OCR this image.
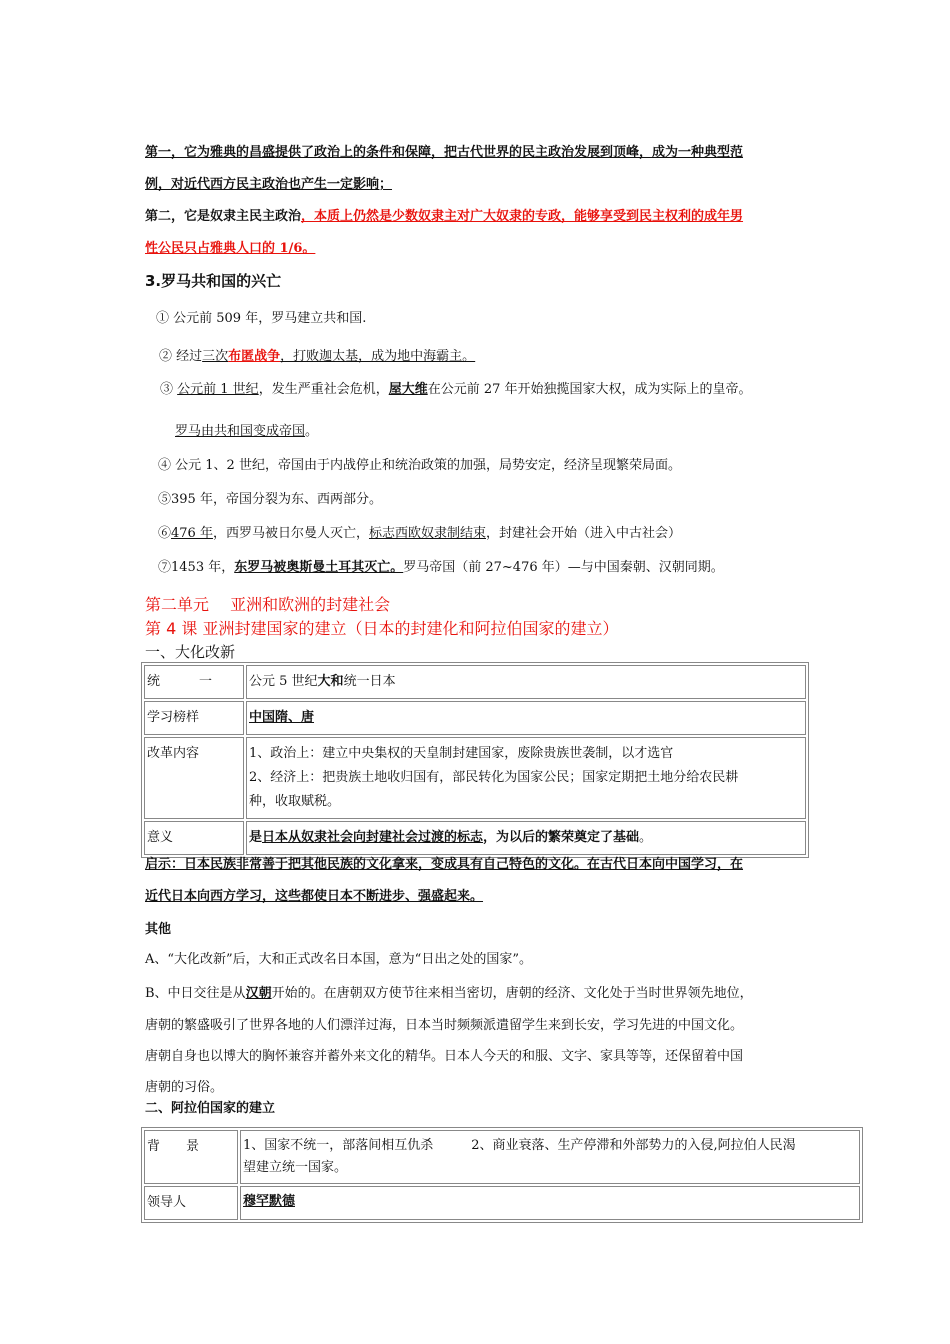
第一，它为雅典的昌盛提供了政治上的条件和保障，把古代世界的民主政治发展到顶峰，成为一种典型范
例，对近代西方民主政治也产生一定影响；
第二，它是奴隶主民主政治，本质上仍然是少数奴隶主对广大奴隶的专政，能够享受到民主权利的成年男
性公民只占雅典人口的 1/6。
3.罗马共和国的兴亡
① 公元前 509 年，罗马建立共和国.
② 经过三次布匿战争，打败迦太基，成为地中海霸主。
③ 公元前 1 世纪，发生严重社会危机，屋大维在公元前 27 年开始独揽国家大权，成为实际上的皇帝。
罗马由共和国变成帝国。
④ 公元 1、2 世纪，帝国由于内战停止和统治政策的加强，局势安定，经济呈现繁荣局面。
⑤395 年，帝国分裂为东、西两部分。
⑥476 年，西罗马被日尔曼人灭亡，标志西欧奴隶制结束，封建社会开始（进入中古社会）
⑦1453 年，东罗马被奥斯曼土耳其灭亡。罗马帝国（前 27~476 年）—与中国秦朝、汉朝同期。
第二单元　 亚洲和欧洲的封建社会
第 4 课 亚洲封建国家的建立（日本的封建化和阿拉伯国家的建立）
一、大化改新
统　　　一	公元 5 世纪大和统一日本
学习榜样	中国隋、唐
改革内容	1、政治上：建立中央集权的天皇制封建国家，废除贵族世袭制，以才选官
2、经济上：把贵族土地收归国有，部民转化为国家公民；国家定期把土地分给农民耕
种，收取赋税。

意义	是日本从奴隶社会向封建社会过渡的标志，为以后的繁荣奠定了基础。
启示：日本民族非常善于把其他民族的文化拿来，变成具有自己特色的文化。在古代日本向中国学习，在
近代日本向西方学习，这些都使日本不断进步、强盛起来。
其他
A、“大化改新”后，大和正式改名日本国，意为“日出之处的国家”。
B、中日交往是从汉朝开始的。在唐朝双方使节往来相当密切，唐朝的经济、文化处于当时世界领先地位，
唐朝的繁盛吸引了世界各地的人们漂洋过海，日本当时频频派遣留学生来到长安，学习先进的中国文化。
唐朝自身也以博大的胸怀兼容并蓄外来文化的精华。日本人今天的和服、文字、家具等等，还保留着中国
唐朝的习俗。
二、阿拉伯国家的建立
背　　景	1、国家不统一，部落间相互仇杀 2、商业衰落、生产停滞和外部势力的入侵,阿拉伯人民渴
望建立统一国家。

领导人	穆罕默德
